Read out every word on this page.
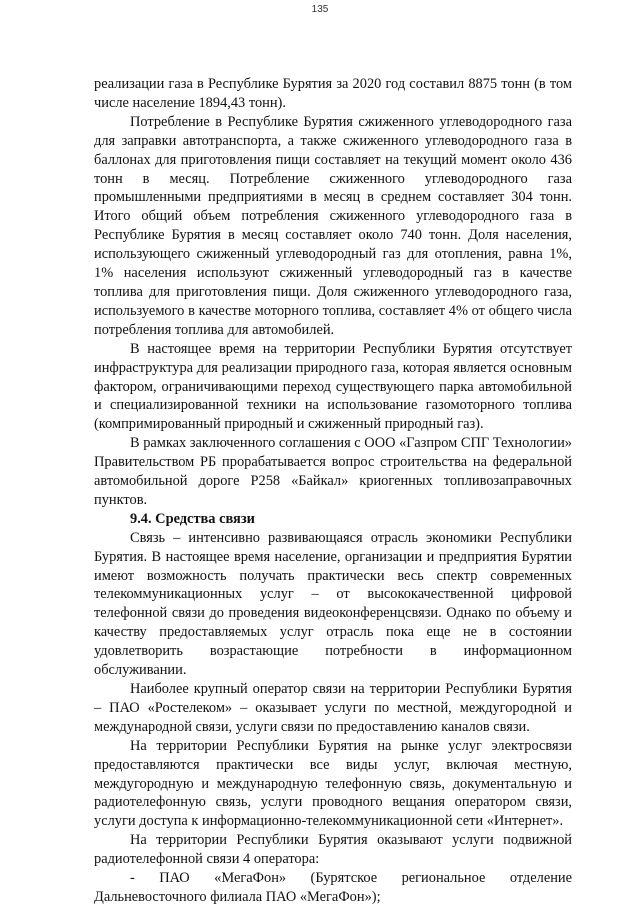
135

реализации газа в Республике Бурятия за 2020 год составил 8875 тонн (в том числе население 1894,43 тонн).

Потребление в Республике Бурятия сжиженного углеводородного газа для заправки автотранспорта, а также сжиженного углеводородного газа в баллонах для приготовления пищи составляет на текущий момент около 436 тонн в месяц. Потребление сжиженного углеводородного газа промышленными предприятиями в месяц в среднем составляет 304 тонн. Итого общий объем потребления сжиженного углеводородного газа в Республике Бурятия в месяц составляет около 740 тонн. Доля населения, использующего сжиженный углеводородный газ для отопления, равна 1%, 1% населения используют сжиженный углеводородный газ в качестве топлива для приготовления пищи. Доля сжиженного углеводородного газа, используемого в качестве моторного топлива, составляет 4% от общего числа потребления топлива для автомобилей.

В настоящее время на территории Республики Бурятия отсутствует инфраструктура для реализации природного газа, которая является основным фактором, ограничивающими переход существующего парка автомобильной и специализированной техники на использование газомоторного топлива (компримированный природный и сжиженный природный газ).

В рамках заключенного соглашения с ООО «Газпром СПГ Технологии» Правительством РБ прорабатывается вопрос строительства на федеральной автомобильной дороге Р258 «Байкал» криогенных топливозаправочных пунктов.

9.4. Средства связи

Связь – интенсивно развивающаяся отрасль экономики Республики Бурятия. В настоящее время население, организации и предприятия Бурятии имеют возможность получать практически весь спектр современных телекоммуникационных услуг – от высококачественной цифровой телефонной связи до проведения видеоконференцсвязи. Однако по объему и качеству предоставляемых услуг отрасль пока еще не в состоянии удовлетворить возрастающие потребности в информационном обслуживании.

Наиболее крупный оператор связи на территории Республики Бурятия – ПАО «Ростелеком» – оказывает услуги по местной, междугородной и международной связи, услуги связи по предоставлению каналов связи.

На территории Республики Бурятия на рынке услуг электросвязи предоставляются практически все виды услуг, включая местную, междугородную и международную телефонную связь, документальную и радиотелефонную связь, услуги проводного вещания оператором связи, услуги доступа к информационно-телекоммуникационной сети «Интернет».

На территории Республики Бурятия оказывают услуги подвижной радиотелефонной связи 4 оператора:

- ПАО «МегаФон» (Бурятское региональное отделение Дальневосточного филиала ПАО «МегаФон»);
